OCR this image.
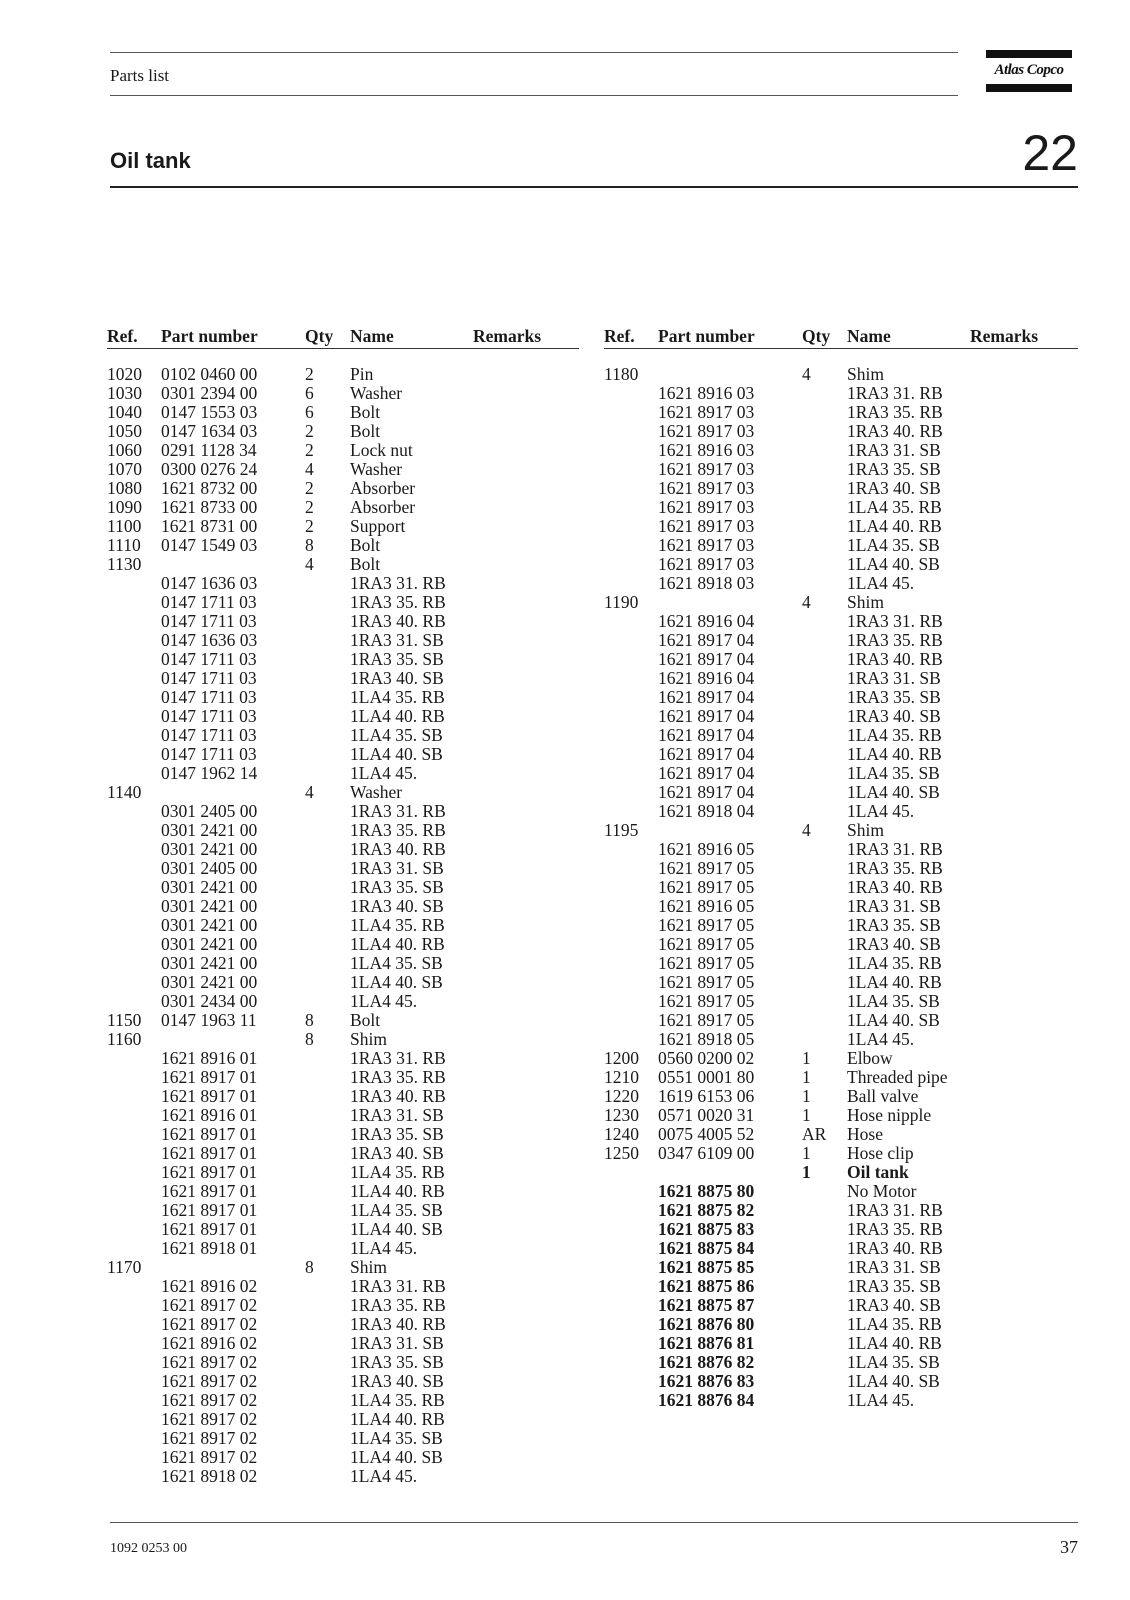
Parts list	Atlas Copco
Oil tank	22
Ref. Part number	Qty Name	Remarks
1020 0102 0460 00	2 Pin
1030 0301 2394 00	6 Washer
1040 0147 1553 03	6 Bolt
1050 0147 1634 03	2 Bolt
1060 0291 1128 34	2 Lock nut
1070 0300 0276 24	4 Washer
1080 1621 8732 00	2 Absorber
1090 1621 8733 00	2 Absorber
1100 1621 8731 00	2 Support
1110 0147 1549 03	8 Bolt
1130	4 Bolt
0147 1636 03	1RA3 31. RB
0147 1711 03	1RA3 35. RB
0147 1711 03	1RA3 40. RB
0147 1636 03	1RA3 31. SB
0147 1711 03	1RA3 35. SB
0147 1711 03	1RA3 40. SB
0147 1711 03	1LA4 35. RB
0147 1711 03	1LA4 40. RB
0147 1711 03	1LA4 35. SB
0147 1711 03	1LA4 40. SB
0147 1962 14	1LA4 45.
1140	4 Washer
0301 2405 00	1RA3 31. RB
0301 2421 00	1RA3 35. RB
0301 2421 00	1RA3 40. RB
0301 2405 00	1RA3 31. SB
0301 2421 00	1RA3 35. SB
0301 2421 00	1RA3 40. SB
0301 2421 00	1LA4 35. RB
0301 2421 00	1LA4 40. RB
0301 2421 00	1LA4 35. SB
0301 2421 00	1LA4 40. SB
0301 2434 00	1LA4 45.
1150 0147 1963 11	8 Bolt
1160	8 Shim
1621 8916 01	1RA3 31. RB
1621 8917 01	1RA3 35. RB
1621 8917 01	1RA3 40. RB
1621 8916 01	1RA3 31. SB
1621 8917 01	1RA3 35. SB
1621 8917 01	1RA3 40. SB
1621 8917 01	1LA4 35. RB
1621 8917 01	1LA4 40. RB
1621 8917 01	1LA4 35. SB
1621 8917 01	1LA4 40. SB
1621 8918 01	1LA4 45.
1170	8 Shim
1621 8916 02	1RA3 31. RB
1621 8917 02	1RA3 35. RB
1621 8917 02	1RA3 40. RB
1621 8916 02	1RA3 31. SB
1621 8917 02	1RA3 35. SB
1621 8917 02	1RA3 40. SB
1621 8917 02	1LA4 35. RB
1621 8917 02	1LA4 40. RB
1621 8917 02	1LA4 35. SB
1621 8917 02	1LA4 40. SB
1621 8918 02	1LA4 45.
Ref. Part number	Qty Name	Remarks
1180	4 Shim
1621 8916 03	1RA3 31. RB
1621 8917 03	1RA3 35. RB
1621 8917 03	1RA3 40. RB
1621 8916 03	1RA3 31. SB
1621 8917 03	1RA3 35. SB
1621 8917 03	1RA3 40. SB
1621 8917 03	1LA4 35. RB
1621 8917 03	1LA4 40. RB
1621 8917 03	1LA4 35. SB
1621 8917 03	1LA4 40. SB
1621 8918 03	1LA4 45.
1190	4 Shim
1621 8916 04	1RA3 31. RB
1621 8917 04	1RA3 35. RB
1621 8917 04	1RA3 40. RB
1621 8916 04	1RA3 31. SB
1621 8917 04	1RA3 35. SB
1621 8917 04	1RA3 40. SB
1621 8917 04	1LA4 35. RB
1621 8917 04	1LA4 40. RB
1621 8917 04	1LA4 35. SB
1621 8917 04	1LA4 40. SB
1621 8918 04	1LA4 45.
1195	4 Shim
1621 8916 05	1RA3 31. RB
1621 8917 05	1RA3 35. RB
1621 8917 05	1RA3 40. RB
1621 8916 05	1RA3 31. SB
1621 8917 05	1RA3 35. SB
1621 8917 05	1RA3 40. SB
1621 8917 05	1LA4 35. RB
1621 8917 05	1LA4 40. RB
1621 8917 05	1LA4 35. SB
1621 8917 05	1LA4 40. SB
1621 8918 05	1LA4 45.
1200 0560 0200 02	1 Elbow
1210 0551 0001 80	1 Threaded pipe
1220 1619 6153 06	1 Ball valve
1230 0571 0020 31	1 Hose nipple
1240 0075 4005 52	AR Hose
1250 0347 6109 00	1 Hose clip
1 Oil tank
1621 8875 80	No Motor
1621 8875 82	1RA3 31. RB
1621 8875 83	1RA3 35. RB
1621 8875 84	1RA3 40. RB
1621 8875 85	1RA3 31. SB
1621 8875 86	1RA3 35. SB
1621 8875 87	1RA3 40. SB
1621 8876 80	1LA4 35. RB
1621 8876 81	1LA4 40. RB
1621 8876 82	1LA4 35. SB
1621 8876 83	1LA4 40. SB
1621 8876 84	1LA4 45.
1092 0253 00	37
